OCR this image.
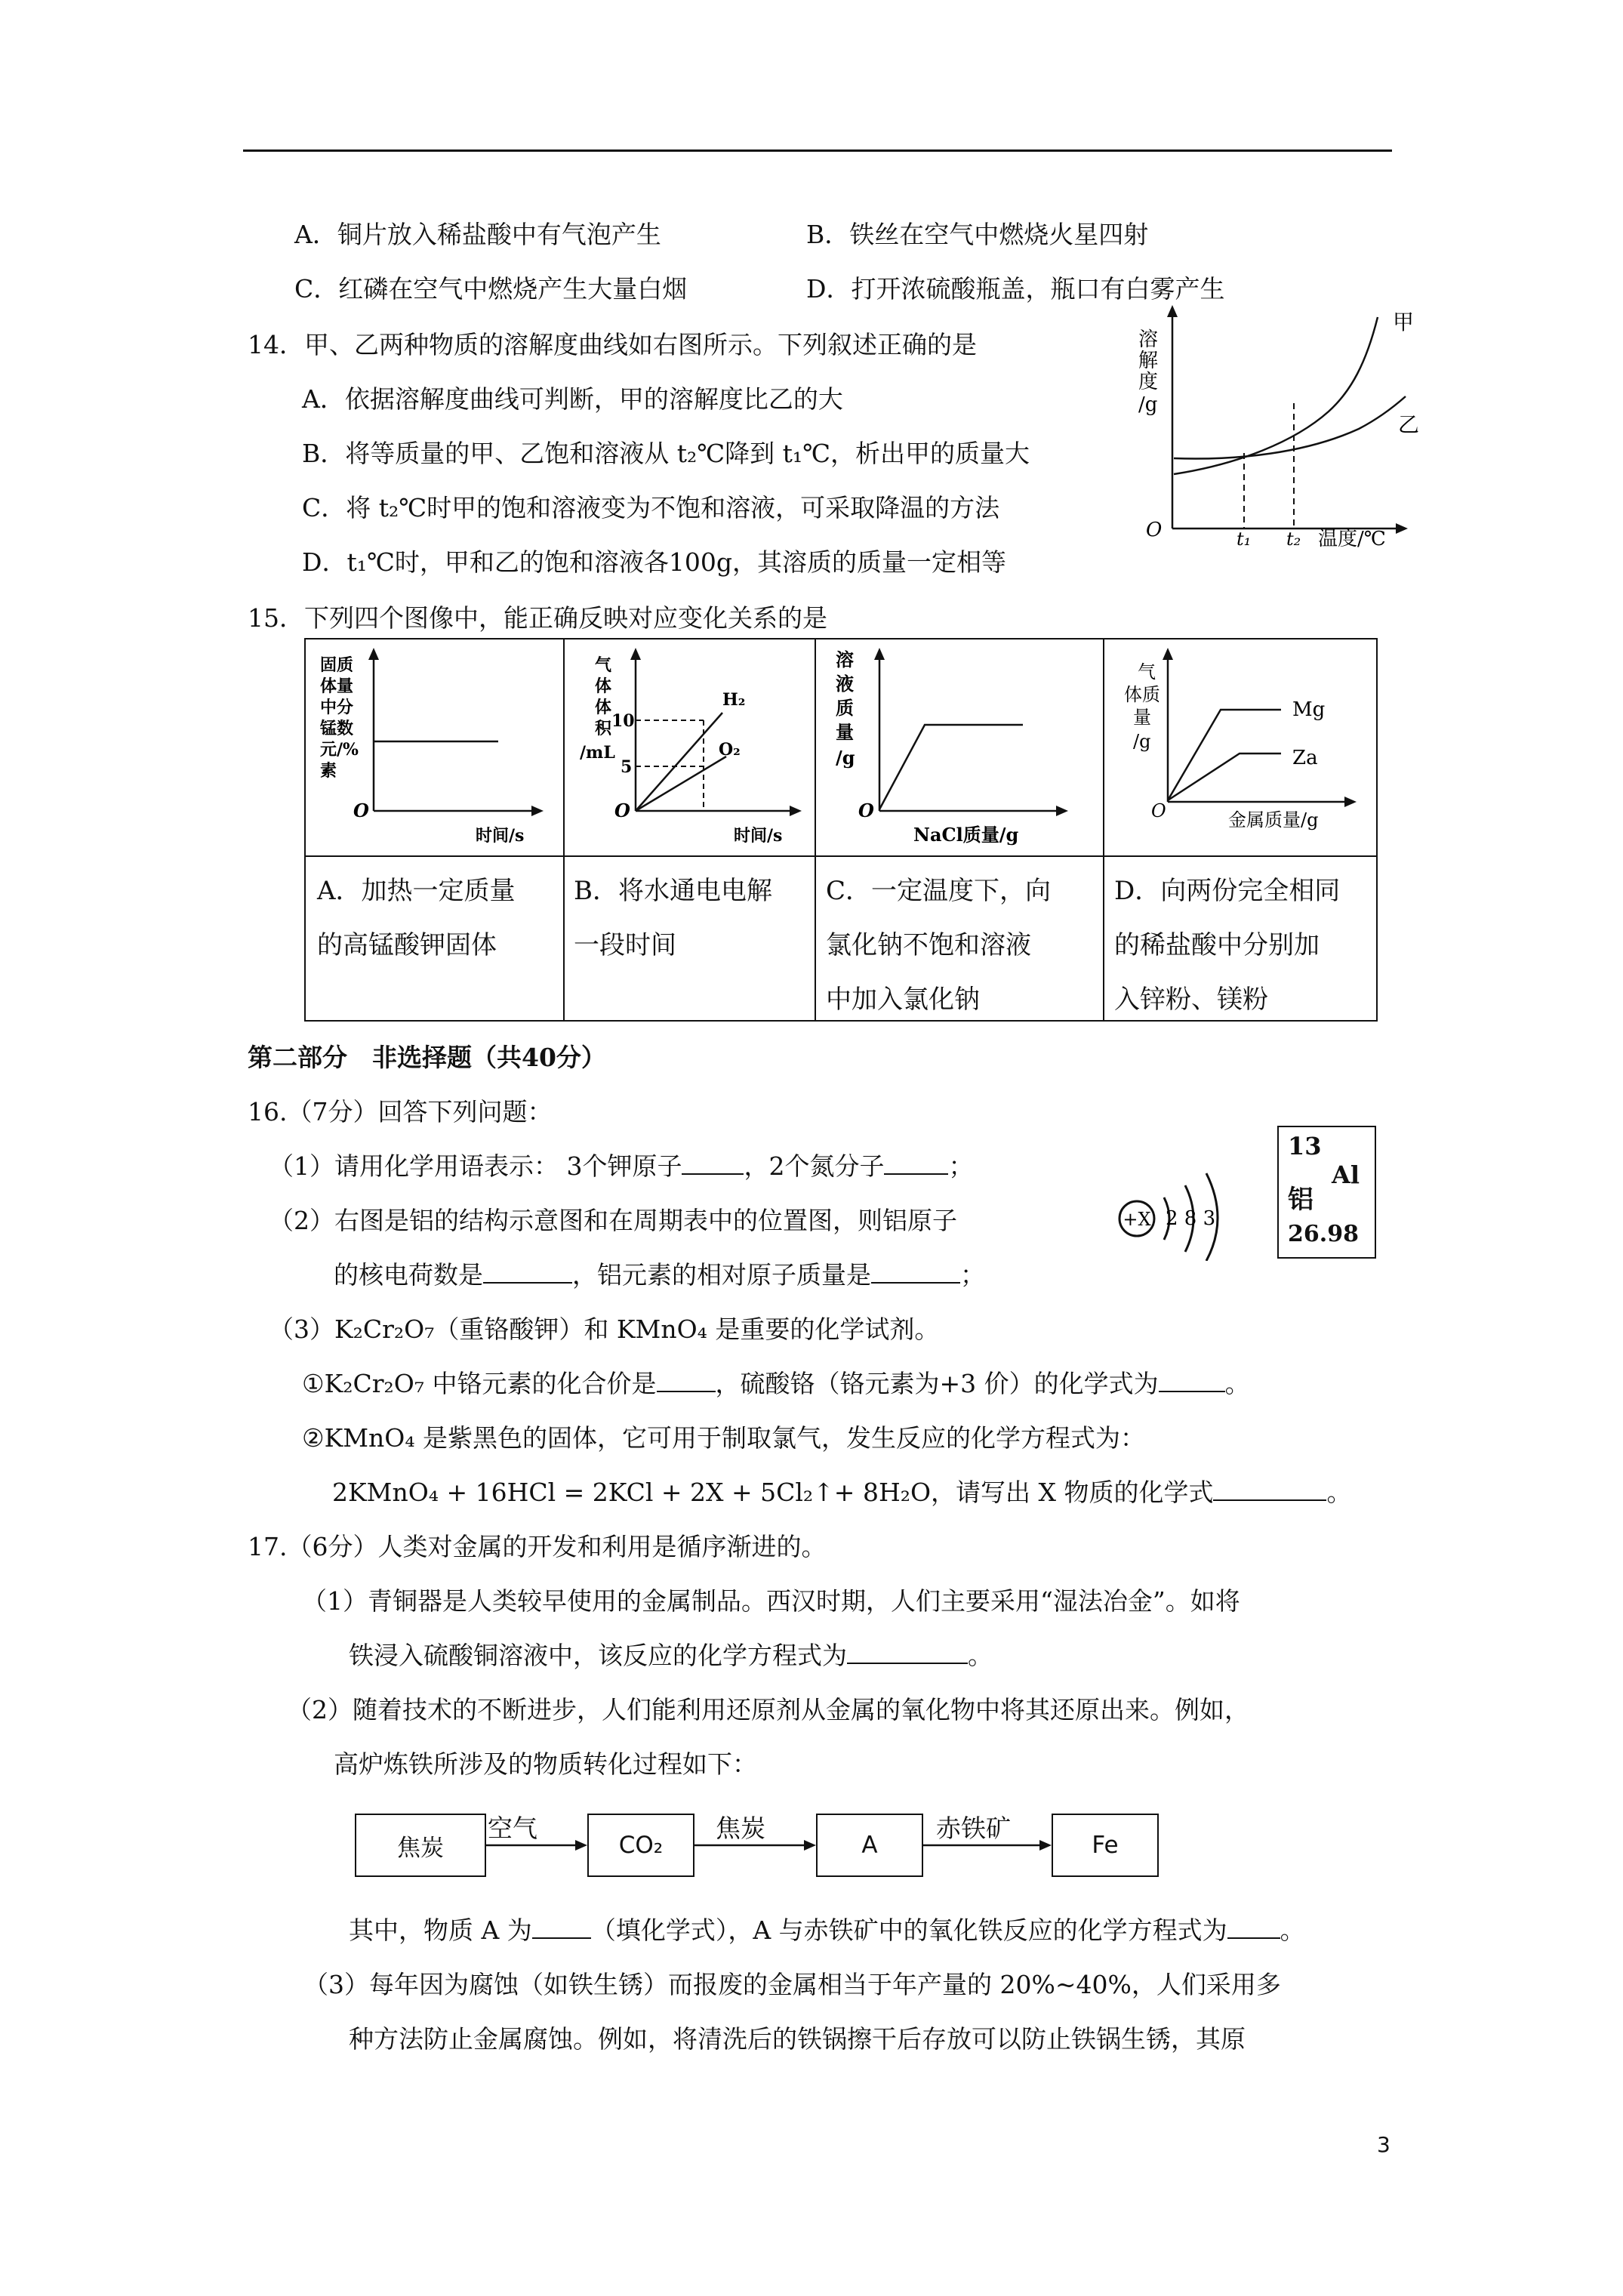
A．铜片放入稀盐酸中有气泡产生	B．铁丝在空气中燃烧火星四射
C．红磷在空气中燃烧产生大量白烟	D．打开浓硫酸瓶盖，瓶口有白雾产生
14．甲、乙两种物质的溶解度曲线如右图所示。下列叙述正确的是
A．依据溶解度曲线可判断，甲的溶解度比乙的大
B．将等质量的甲、乙饱和溶液从 t₂℃降到 t₁℃，析出甲的质量大
C．将 t₂℃时甲的饱和溶液变为不饱和溶液，可采取降温的方法
D．t₁℃时，甲和乙的饱和溶液各100g，其溶质的质量一定相等
溶
解
度
/g
甲
乙
O	t₁ t₂ 温度/℃
15．下列四个图像中，能正确反映对应变化关系的是
固质
体量
中分
锰数
元/%
素
O
时间/s
气
体
体
积
/mL
10
5
H₂
O₂
O
时间/s
溶
液
质
量
/g
O
NaCl质量/g
气
体质
量
/g
Mg
Za
O	金属质量/g
A．加热一定质量
的高锰酸钾固体
B．将水通电电解
一段时间
C．一定温度下，向
氯化钠不饱和溶液
中加入氯化钠
D．向两份完全相同
的稀盐酸中分别加
入锌粉、镁粉
第二部分　非选择题（共40分）
16.（7分）回答下列问题：
（1）请用化学用语表示： 3个钾原子 ，2个氮分子	；
（2）右图是铝的结构示意图和在周期表中的位置图，则铝原子
的核电荷数是	，铝元素的相对原子质量是	；
+X 2 8 3
13
Al
铝
26.98
（3）K₂Cr₂O₇（重铬酸钾）和 KMnO₄ 是重要的化学试剂。
①K₂Cr₂O₇ 中铬元素的化合价是 ，硫酸铬（铬元素为+3 价）的化学式为	。
②KMnO₄ 是紫黑色的固体，它可用于制取氯气，发生反应的化学方程式为：
2KMnO₄ + 16HCl = 2KCl + 2X + 5Cl₂↑+ 8H₂O，请写出 X 物质的化学式	。
17.（6分）人类对金属的开发和利用是循序渐进的。
（1）青铜器是人类较早使用的金属制品。西汉时期，人们主要采用“湿法冶金”。如将
铁浸入硫酸铜溶液中，该反应的化学方程式为	。
（2）随着技术的不断进步，人们能利用还原剂从金属的氧化物中将其还原出来。例如，
高炉炼铁所涉及的物质转化过程如下：
焦炭	CO₂	A	Fe
空气	焦炭	赤铁矿
其中，物质 A 为 （填化学式），A 与赤铁矿中的氧化铁反应的化学方程式为 。
（3）每年因为腐蚀（如铁生锈）而报废的金属相当于年产量的 20%~40%，人们采用多
种方法防止金属腐蚀。例如，将清洗后的铁锅擦干后存放可以防止铁锅生锈，其原
3
